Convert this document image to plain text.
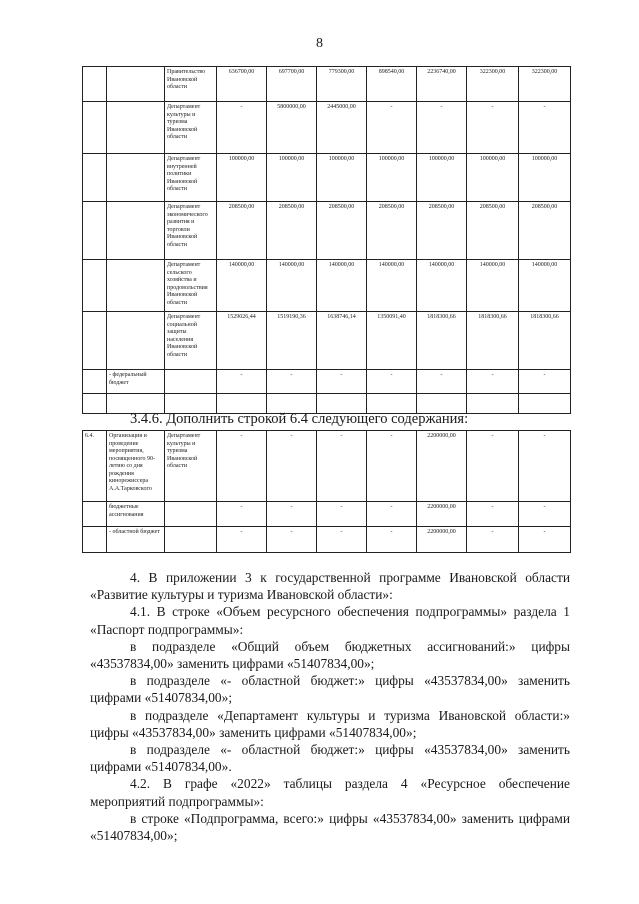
8
		Правительство Ивановской области	636700,00	697700,00	779300,00	898540,00	2236740,00	322300,00	322300,00
		Департамент культуры и туризма Ивановской области	-	5800000,00	2445000,00	-	-	-	-
		Департамент внутренней политики Ивановской области	100000,00	100000,00	100000,00	100000,00	100000,00	100000,00	100000,00
		Департамент экономического развития и торговли Ивановской области	208500,00	208500,00	208500,00	208500,00	208500,00	208500,00	208500,00
		Департамент сельского хозяйства и продовольствия Ивановской области	140000,00	140000,00	140000,00	140000,00	140000,00	140000,00	140000,00
		Департамент социальной защиты населения Ивановской области	1529026,44	1519190,36	1638746,14	1350091,40	1818300,66	1818300,66	1818300,66
	- федеральный бюджет		-	-	-	-	-	-	-

3.4.6. Дополнить строкой 6.4 следующего содержания:
6.4.	Организация и проведение мероприятия, посвященного 90-летию со дня рождения кинорежиссера А.А.Тарковского	Департамент культуры и туризма Ивановской области	-	-	-	-	2200000,00	-	-
	бюджетные ассигнования		-	-	-	-	2200000,00	-	-
	- областной бюджет		-	-	-	-	2200000,00	-	-

4. В приложении 3 к государственной программе Ивановской области «Развитие культуры и туризма Ивановской области»:

4.1. В строке «Объем ресурсного обеспечения подпрограммы» раздела 1 «Паспорт подпрограммы»:

в подразделе «Общий объем бюджетных ассигнований:» цифры «43537834,00» заменить цифрами «51407834,00»;

в подразделе «- областной бюджет:» цифры «43537834,00» заменить цифрами «51407834,00»;

в подразделе «Департамент культуры и туризма Ивановской области:» цифры «43537834,00» заменить цифрами «51407834,00»;

в подразделе «- областной бюджет:» цифры «43537834,00» заменить цифрами «51407834,00».

4.2. В графе «2022» таблицы раздела 4 «Ресурсное обеспечение мероприятий подпрограммы»:

в строке «Подпрограмма, всего:» цифры «43537834,00» заменить цифрами «51407834,00»;
